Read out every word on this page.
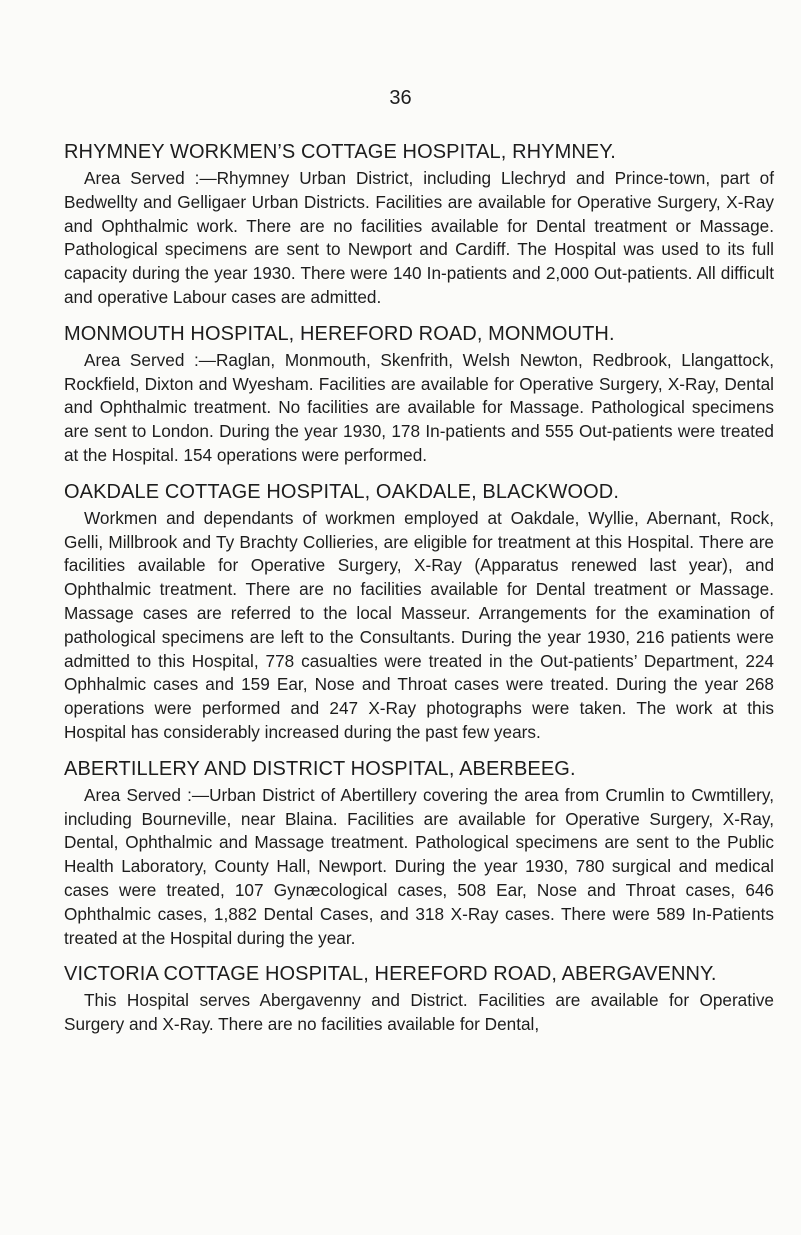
36
RHYMNEY WORKMEN’S COTTAGE HOSPITAL, RHYMNEY.

Area Served :—Rhymney Urban District, including Llechryd and Prince-town, part of Bedwellty and Gelligaer Urban Districts. Facilities are available for Operative Surgery, X-Ray and Ophthalmic work. There are no facilities available for Dental treatment or Massage. Pathological specimens are sent to Newport and Cardiff. The Hospital was used to its full capacity during the year 1930. There were 140 In-patients and 2,000 Out-patients. All difficult and operative Labour cases are admitted.

MONMOUTH HOSPITAL, HEREFORD ROAD, MONMOUTH.

Area Served :—Raglan, Monmouth, Skenfrith, Welsh Newton, Redbrook, Llangattock, Rockfield, Dixton and Wyesham. Facilities are available for Operative Surgery, X-Ray, Dental and Ophthalmic treatment. No facilities are available for Massage. Pathological specimens are sent to London. During the year 1930, 178 In-patients and 555 Out-patients were treated at the Hospital. 154 operations were performed.

OAKDALE COTTAGE HOSPITAL, OAKDALE, BLACKWOOD.

Workmen and dependants of workmen employed at Oakdale, Wyllie, Abernant, Rock, Gelli, Millbrook and Ty Brachty Collieries, are eligible for treatment at this Hospital. There are facilities available for Operative Surgery, X-Ray (Apparatus renewed last year), and Ophthalmic treatment. There are no facilities available for Dental treatment or Massage. Massage cases are referred to the local Masseur. Arrangements for the examination of pathological specimens are left to the Consultants. During the year 1930, 216 patients were admitted to this Hospital, 778 casualties were treated in the Out-patients’ Department, 224 Ophhalmic cases and 159 Ear, Nose and Throat cases were treated. During the year 268 operations were performed and 247 X-Ray photographs were taken. The work at this Hospital has considerably increased during the past few years.

ABERTILLERY AND DISTRICT HOSPITAL, ABERBEEG.

Area Served :—Urban District of Abertillery covering the area from Crumlin to Cwmtillery, including Bourneville, near Blaina. Facilities are available for Operative Surgery, X-Ray, Dental, Ophthalmic and Massage treatment. Pathological specimens are sent to the Public Health Laboratory, County Hall, Newport. During the year 1930, 780 surgical and medical cases were treated, 107 Gynæcological cases, 508 Ear, Nose and Throat cases, 646 Ophthalmic cases, 1,882 Dental Cases, and 318 X-Ray cases. There were 589 In-Patients treated at the Hospital during the year.

VICTORIA COTTAGE HOSPITAL, HEREFORD ROAD, ABERGAVENNY.

This Hospital serves Abergavenny and District. Facilities are available for Operative Surgery and X-Ray. There are no facilities available for Dental,
